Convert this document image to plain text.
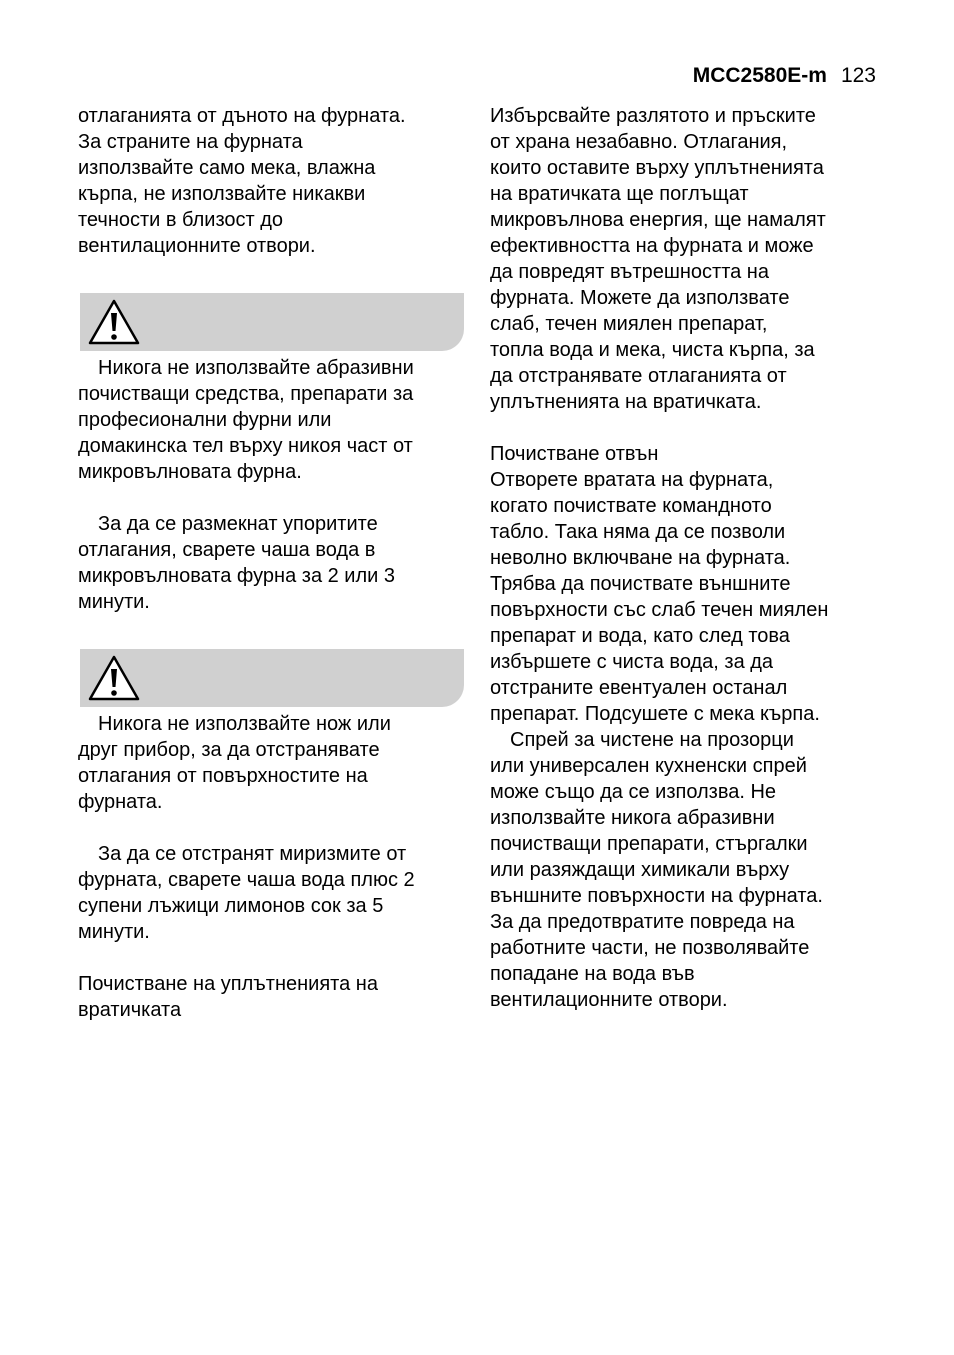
MCC2580E-m 123

отлаганията от дъното на фурната.
За страните на фурната
използвайте само мека, влажна
кърпа, не използвайте никакви
течности в близост до
вентилационните отвори.

Никога не използвайте абразивни
почистващи средства, препарати за
професионални фурни или
домакинска тел върху никоя част от
микровълновата фурна.

За да се размекнат упоритите
отлагания, сварете чаша вода в
микровълновата фурна за 2 или 3
минути.

Никога не използвайте нож или
друг прибор, за да отстранявате
отлагания от повърхностите на
фурната.

За да се отстранят миризмите от
фурната, сварете чаша вода плюс 2
супени лъжици лимонов сок за 5
минути.

Почистване на уплътненията на
вратичката

Избърсвайте разлятото и пръските
от храна незабавно. Отлагания,
които оставите върху уплътненията
на вратичката ще поглъщат
микровълнова енергия, ще намалят
ефективността на фурната и може
да повредят вътрешността на
фурната. Можете да използвате
слаб, течен миялен препарат,
топла вода и мека, чиста кърпа, за
да отстранявате отлаганията от
уплътненията на вратичката.

Почистване отвън

Отворете вратата на фурната,
когато почиствате командното
табло. Така няма да се позволи
неволно включване на фурната.
Трябва да почиствате външните
повърхности със слаб течен миялен
препарат и вода, като след това
избършете с чиста вода, за да
отстраните евентуален останал
препарат. Подсушете с мека кърпа.

Спрей за чистене на прозорци
или универсален кухненски спрей
може също да се използва. Не
използвайте никога абразивни
почистващи препарати, стъргалки
или разяждащи химикали върху
външните повърхности на фурната.
За да предотвратите повреда на
работните части, не позволявайте
попадане на вода във
вентилационните отвори.
